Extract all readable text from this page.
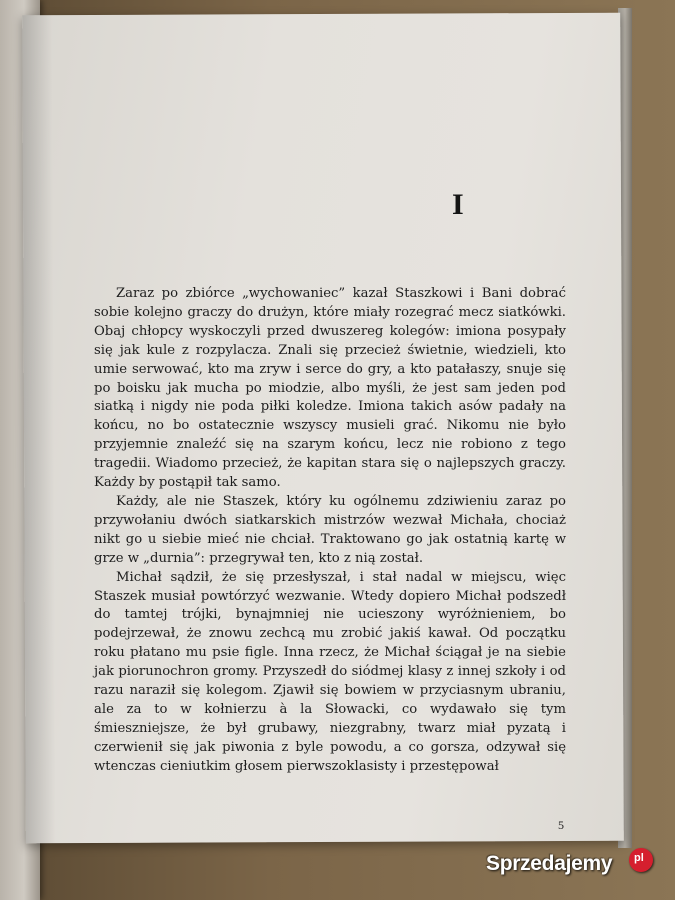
I

Zaraz po zbiórce „wychowaniec” kazał Staszkowi i Bani dobrać sobie kolejno graczy do drużyn, które miały rozegrać mecz siatkówki. Obaj chłopcy wyskoczyli przed dwuszereg kolegów: imiona posypały się jak kule z rozpylacza. Znali się przecież świetnie, wiedzieli, kto umie serwować, kto ma zryw i serce do gry, a kto patałaszy, snuje się po boisku jak mucha po miodzie, albo myśli, że jest sam jeden pod siatką i nigdy nie poda piłki koledze. Imiona takich asów padały na końcu, no bo ostatecznie wszyscy musieli grać. Nikomu nie było przyjemnie znaleźć się na szarym końcu, lecz nie robiono z tego tragedii. Wiadomo przecież, że kapitan stara się o najlepszych graczy. Każdy by postąpił tak samo.

Każdy, ale nie Staszek, który ku ogólnemu zdziwieniu zaraz po przywołaniu dwóch siatkarskich mistrzów wezwał Michała, chociaż nikt go u siebie mieć nie chciał. Traktowano go jak ostatnią kartę w grze w „durnia”: przegrywał ten, kto z nią został.

Michał sądził, że się przesłyszał, i stał nadal w miejscu, więc Staszek musiał powtórzyć wezwanie. Wtedy dopiero Michał podszedł do tamtej trójki, bynajmniej nie ucieszony wyróżnieniem, bo podejrzewał, że znowu zechcą mu zrobić jakiś kawał. Od początku roku płatano mu psie figle. Inna rzecz, że Michał ściągał je na siebie jak piorunochron gromy. Przyszedł do siódmej klasy z innej szkoły i od razu naraził się kolegom. Zjawił się bowiem w przyciasnym ubraniu, ale za to w kołnierzu à la Słowacki, co wydawało się tym śmieszniejsze, że był grubawy, niezgrabny, twarz miał pyzatą i czerwienił się jak piwonia z byle powodu, a co gorsza, odzywał się wtenczas cieniutkim głosem pierwszoklasisty i przestępował

5
Sprzedajemy pl
